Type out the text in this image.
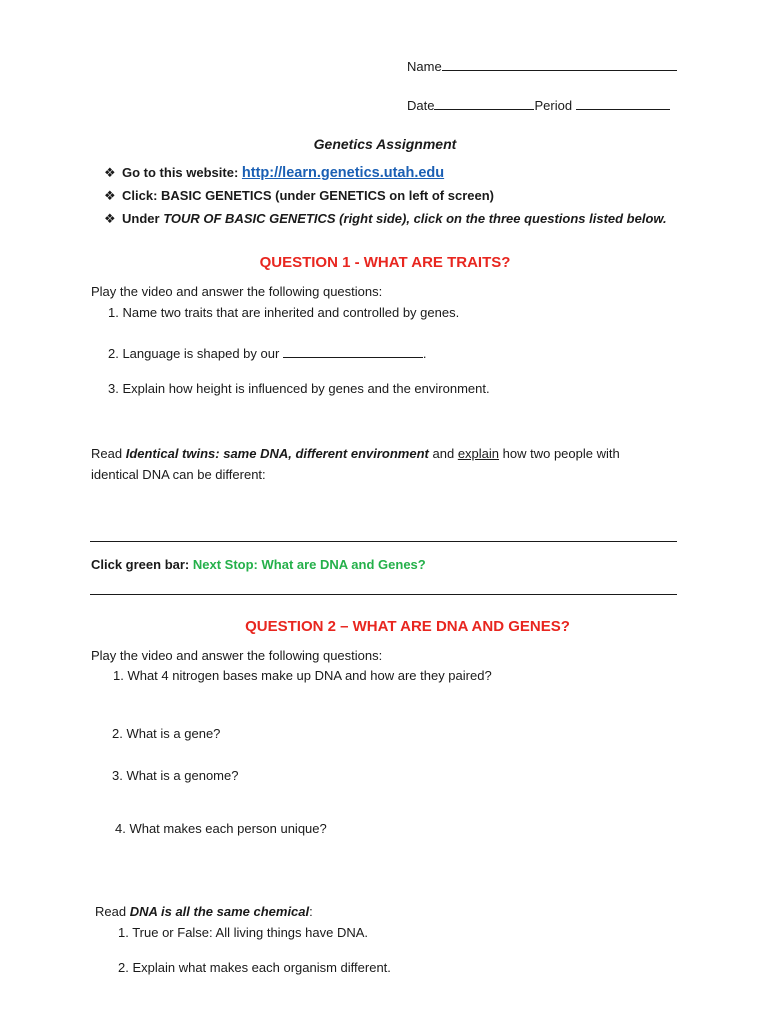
Name
Date	Period
Genetics Assignment
❖ Go to this website: http://learn.genetics.utah.edu
❖ Click: BASIC GENETICS (under GENETICS on left of screen)
❖ Under TOUR OF BASIC GENETICS (right side), click on the three questions listed below.
QUESTION 1 - WHAT ARE TRAITS?
Play the video and answer the following questions:
1. Name two traits that are inherited and controlled by genes.
2. Language is shaped by our	.
3. Explain how height is influenced by genes and the environment.
Read Identical twins: same DNA, different environment and explain how two people with
identical DNA can be different:
Click green bar: Next Stop: What are DNA and Genes?
QUESTION 2 – WHAT ARE DNA AND GENES?
Play the video and answer the following questions:
1. What 4 nitrogen bases make up DNA and how are they paired?
2. What is a gene?
3. What is a genome?
4. What makes each person unique?
Read DNA is all the same chemical:
1. True or False: All living things have DNA.
2. Explain what makes each organism different.
